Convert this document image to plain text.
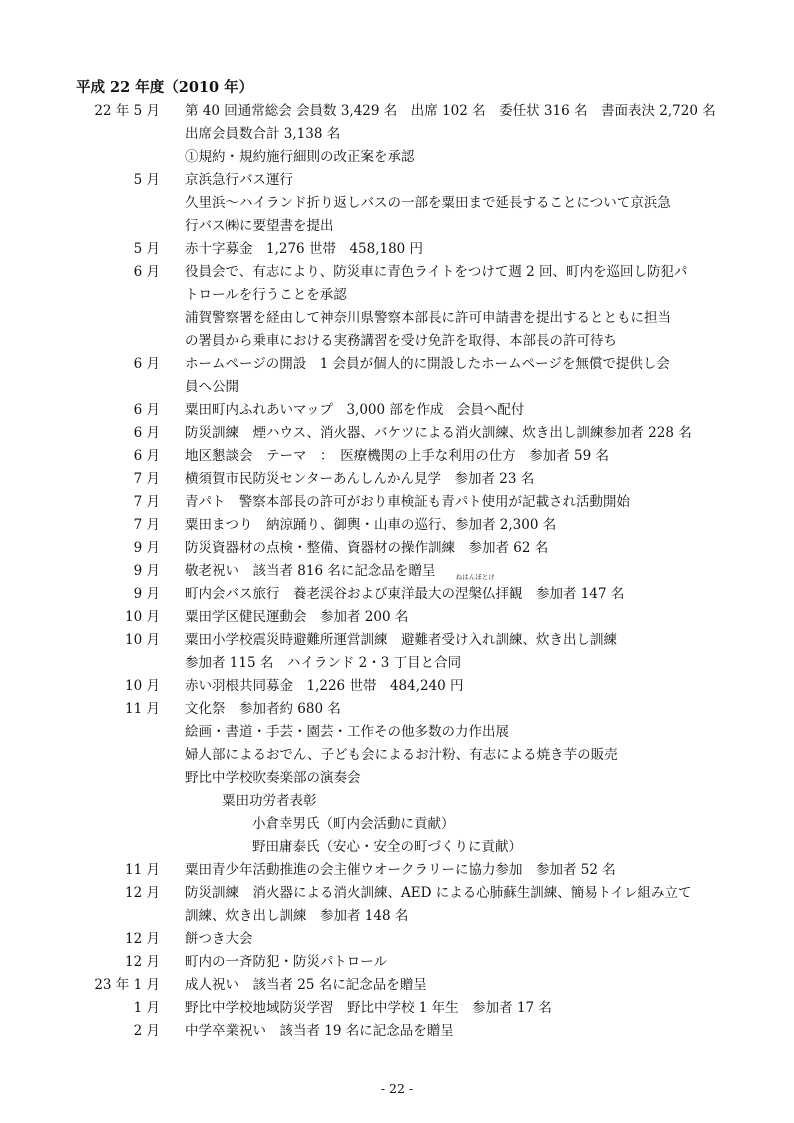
平成 22 年度（2010 年）
22 年 5 月 第 40 回通常総会 会員数 3,429 名　出席 102 名　委任状 316 名　書面表決 2,720 名
出席会員数合計 3,138 名
①規約・規約施行細則の改正案を承認
5 月 京浜急行バス運行
久里浜～ハイランド折り返しバスの一部を粟田まで延長することについて京浜急
行バス㈱に要望書を提出
5 月 赤十字募金　1,276 世帯　458,180 円
6 月 役員会で、有志により、防災車に青色ライトをつけて週 2 回、町内を巡回し防犯パ
トロールを行うことを承認
浦賀警察署を経由して神奈川県警察本部長に許可申請書を提出するとともに担当
の署員から乗車における実務講習を受け免許を取得、本部長の許可待ち
6 月 ホームページの開設　1 会員が個人的に開設したホームページを無償で提供し会
員へ公開
6 月 粟田町内ふれあいマップ　3,000 部を作成　会員へ配付
6 月 防災訓練　煙ハウス、消火器、バケツによる消火訓練、炊き出し訓練参加者 228 名
6 月 地区懇談会　テーマ　：　医療機関の上手な利用の仕方　参加者 59 名
7 月 横須賀市民防災センターあんしんかん見学　参加者 23 名
7 月 青パト　警察本部長の許可がおり車検証も青パト使用が記載され活動開始
7 月 粟田まつり　納涼踊り、御輿・山車の巡行、参加者 2,300 名
9 月 防災資器材の点検・整備、資器材の操作訓練　参加者 62 名
9 月 敬老祝い　該当者 816 名に記念品を贈呈
9 月 町内会バス旅行　養老渓谷および東洋最大の涅槃仏
ねはんぼとけ
拝観　参加者 147 名
10 月 粟田学区健民運動会　参加者 200 名
10 月 粟田小学校震災時避難所運営訓練　避難者受け入れ訓練、炊き出し訓練
参加者 115 名　ハイランド 2・3 丁目と合同
10 月 赤い羽根共同募金　1,226 世帯　484,240 円
11 月 文化祭　参加者約 680 名
絵画・書道・手芸・園芸・工作その他多数の力作出展
婦人部によるおでん、子ども会によるお汁粉、有志による焼き芋の販売
野比中学校吹奏楽部の演奏会
粟田功労者表彰
小倉幸男氏（町内会活動に貢献）
野田庸泰氏（安心・安全の町づくりに貢献）
11 月 粟田青少年活動推進の会主催ウオークラリーに協力参加　参加者 52 名
12 月 防災訓練　消火器による消火訓練、AED による心肺蘇生訓練、簡易トイレ組み立て
訓練、炊き出し訓練　参加者 148 名
12 月 餅つき大会
12 月 町内の一斉防犯・防災パトロール
23 年 1 月 成人祝い　該当者 25 名に記念品を贈呈
1 月 野比中学校地域防災学習　野比中学校 1 年生　参加者 17 名
2 月 中学卒業祝い　該当者 19 名に記念品を贈呈
- 22 -
